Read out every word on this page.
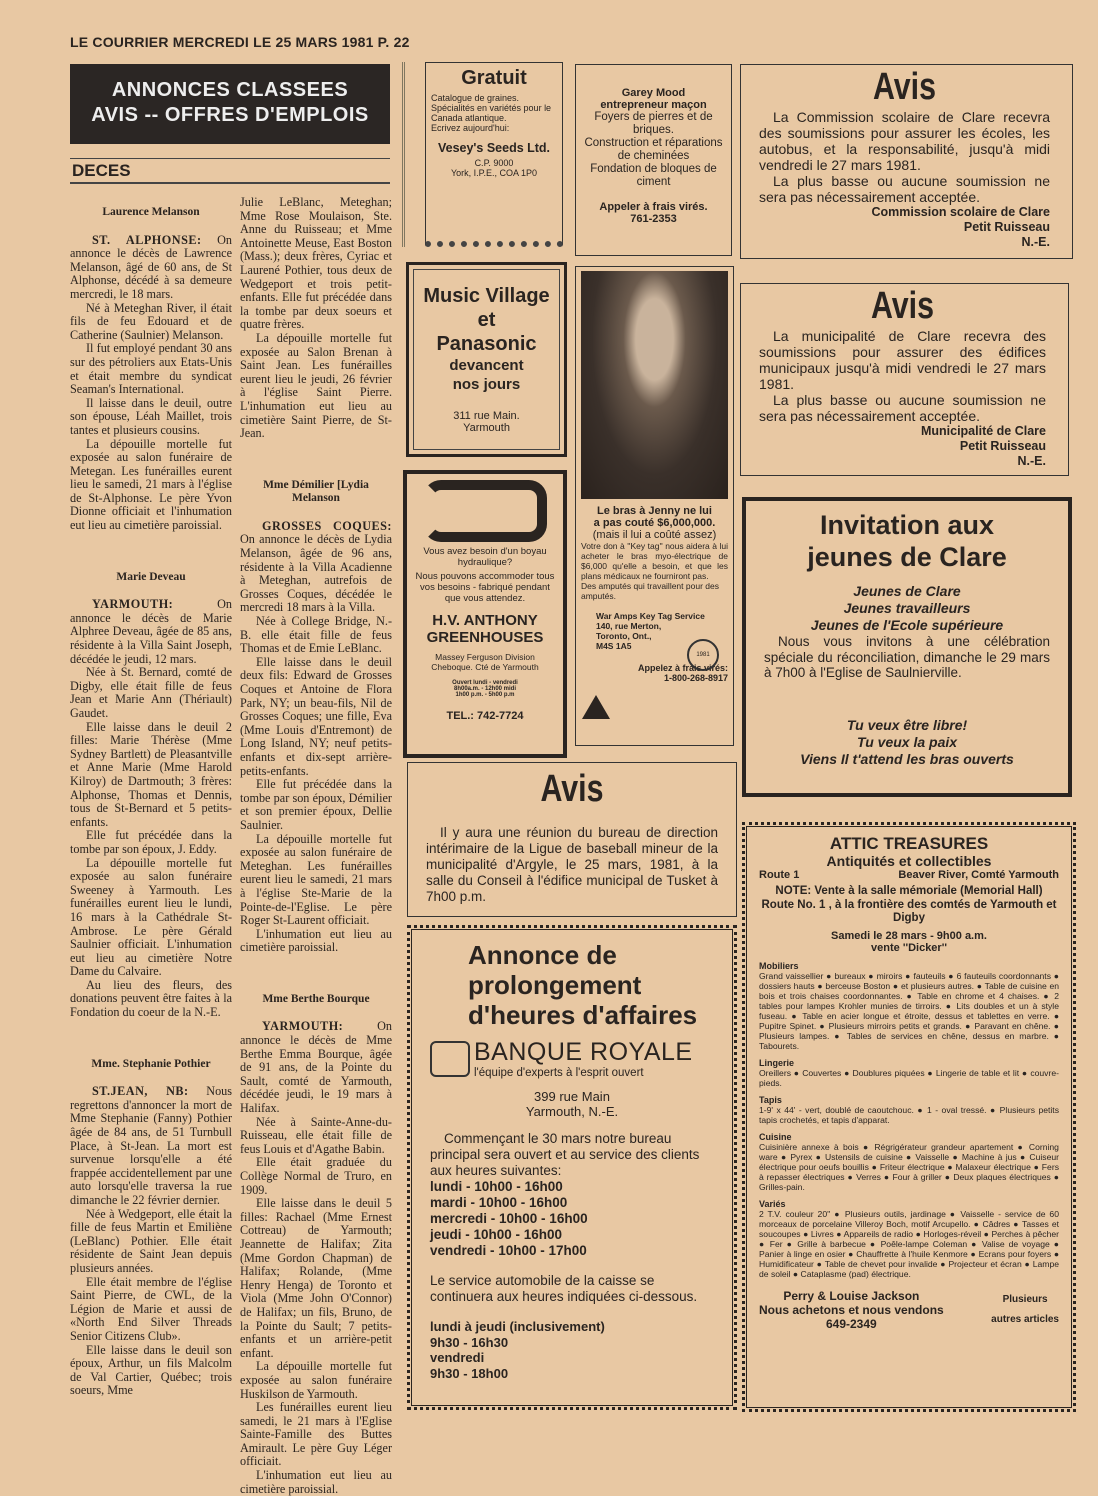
LE COURRIER MERCREDI LE 25 MARS 1981 P. 22
ANNONCES CLASSEES
AVIS -- OFFRES D'EMPLOIS
DECES
Laurence Melanson

ST. ALPHONSE: On annonce le décès de Lawrence Melanson, âgé de 60 ans, de St Alphonse, décédé à sa demeure mercredi, le 18 mars.

Né à Meteghan River, il était fils de feu Edouard et de Catherine (Saulnier) Melanson.

Il fut employé pendant 30 ans sur des pétroliers aux Etats-Unis et était membre du syndicat Seaman's International.

Il laisse dans le deuil, outre son épouse, Léah Maillet, trois tantes et plusieurs cousins.

La dépouille mortelle fut exposée au salon funéraire de Metegan. Les funérailles eurent lieu le samedi, 21 mars à l'église de St-Alphonse. Le père Yvon Dionne officiait et l'inhumation eut lieu au cimetière paroissial.

Marie Deveau

YARMOUTH:	On annonce le décès de Marie Alphree Deveau, âgée de 85 ans, résidente à la Villa Saint Joseph, décédée le jeudi, 12 mars.

Née à St. Bernard, comté de Digby, elle était fille de feus Jean et Marie Ann (Thériault) Gaudet.

Elle laisse dans le deuil 2 filles: Marie Thérèse (Mme Sydney Bartlett) de Pleasantville et Anne Marie (Mme Harold Kilroy) de Dartmouth; 3 frères: Alphonse, Thomas et Dennis, tous de St-Bernard et 5 petits-enfants.

Elle fut précédée dans la tombe par son époux, J. Eddy.

La dépouille mortelle fut exposée au salon funéraire Sweeney à Yarmouth. Les funérailles eurent lieu le lundi, 16 mars à la Cathédrale St-Ambrose. Le père Gérald Saulnier officiait. L'inhumation eut lieu au cimetière Notre Dame du Calvaire.

Au lieu des fleurs, des donations peuvent être faites à la Fondation du coeur de la N.-E.

Mme. Stephanie Pothier

ST.JEAN, NB: Nous regrettons d'annoncer la mort de Mme Stephanie (Fanny) Pothier âgée de 84 ans, de 51 Turnbull Place, à St-Jean. La mort est survenue lorsqu'elle a été frappée accidentellement par une auto lorsqu'elle traversa la rue dimanche le 22 février dernier.

Née à Wedgeport, elle était la fille de feus Martin et Emiliène (LeBlanc) Pothier. Elle était résidente de Saint Jean depuis plusieurs années.

Elle était membre de l'église Saint Pierre, de CWL, de la Légion de Marie et aussi de «North End Silver Threads Senior Citizens Club».

Elle laisse dans le deuil son époux, Arthur, un fils Malcolm de Val Cartier, Québec; trois soeurs, Mme

Julie LeBlanc, Meteghan; Mme Rose Moulaison, Ste. Anne du Ruisseau; et Mme Antoinette Meuse, East Boston (Mass.); deux frères, Cyriac et Laurené Pothier, tous deux de Wedgeport et trois petit-enfants. Elle fut précédée dans la tombe par deux soeurs et quatre frères.

La dépouille mortelle fut exposée au Salon Brenan à Saint Jean. Les funérailles eurent lieu le jeudi, 26 février à l'église Saint Pierre. L'inhumation eut lieu au cimetière Saint Pierre, de St-Jean.

Mme Démilier [Lydia Melanson

GROSSES COQUES: On annonce le décès de Lydia Melanson, âgée de 96 ans, résidente à la Villa Acadienne à Meteghan, autrefois de Grosses Coques, décédée le mercredi 18 mars à la Villa.

Née à College Bridge, N.-B. elle était fille de feus Thomas et de Emie LeBlanc.

Elle laisse dans le deuil deux fils: Edward de Grosses Coques et Antoine de Flora Park, NY; un beau-fils, Nil de Grosses Coques; une fille, Eva (Mme Louis d'Entremont) de Long Island, NY; neuf petits-enfants et dix-sept arrière-petits-enfants.

Elle fut précédée dans la tombe par son époux, Démilier et son premier époux, Dellie Saulnier.

La dépouille mortelle fut exposée au salon funéraire de Meteghan. Les funérailles eurent lieu le samedi, 21 mars à l'église Ste-Marie de la Pointe-de-l'Eglise. Le père Roger St-Laurent officiait.

L'inhumation eut lieu au cimetière paroissial.

Mme Berthe Bourque

YARMOUTH:	On annonce le décès de Mme Berthe Emma Bourque, âgée de 91 ans, de la Pointe du Sault, comté de Yarmouth, décédée jeudi, le 19 mars à Halifax.

Née à Sainte-Anne-du-Ruisseau, elle était fille de feus Louis et d'Agathe Babin.

Elle était graduée du Collège Normal de Truro, en 1909.

Elle laisse dans le deuil 5 filles: Rachael (Mme Ernest Cottreau) de Yarmouth; Jeannette de Halifax; Zita (Mme Gordon Chapman) de Halifax; Rolande, (Mme Henry Henga) de Toronto et Viola (Mme John O'Connor) de Halifax; un fils, Bruno, de la Pointe du Sault; 7 petits-enfants et un arrière-petit enfant.

La dépouille mortelle fut exposée au salon funéraire Huskilson de Yarmouth.

Les funérailles eurent lieu samedi, le 21 mars à l'Eglise Sainte-Famille des Buttes Amirault. Le père Guy Léger officiait.

L'inhumation eut lieu au cimetière paroissial.

Gratuit
Catalogue de graines.
Spécialités en variétés pour le Canada atlantique.
Ecrivez aujourd'hui:
Vesey's Seeds Ltd.
C.P. 9000
York, I.P.E., COA 1P0
Garey Mood
entrepreneur maçon
Foyers de pierres et de briques.
Construction et réparations de cheminées
Fondation de bloques de ciment
Appeler à frais virés.
761-2353
Music Village
et
Panasonic
devancent
nos jours
311 rue Main.
Yarmouth
Le bras à Jenny ne lui
a pas couté $6,000,000.
(mais il lui a coûté assez)
Votre don à ''Key tag'' nous aidera à lui acheter le bras myo-électrique de $6,000 qu'elle a besoin, et que les plans médicaux ne fourniront pas.
Des amputés qui travaillent pour des amputés.
War Amps Key Tag Service
140, rue Merton,
Toronto, Ont.,
M4S 1A5
1981
Appelez à frais virés:
1-800-268-8917
Vous avez besoin d'un boyau hydraulique?
Nous pouvons accommoder tous vos besoins - fabriqué pendant que vous attendez.
H.V. ANTHONY
GREENHOUSES
Massey Ferguson Division
Cheboque. Cté de Yarmouth
Ouvert lundi - vendredi
8h00a.m. - 12h00 midi
1h00 p.m. - 5h00 p.m
TEL.: 742-7724
Avis
Il y aura une réunion du bureau de direction intérimaire de la Ligue de baseball mineur de la municipalité d'Argyle, le 25 mars, 1981, à la salle du Conseil à l'édifice municipal de Tusket à 7h00 p.m.
Annonce de
prolongement
d'heures d'affaires
BANQUE ROYALE
l'équipe d'experts à l'esprit ouvert
399 rue Main
Yarmouth, N.-E.
Commençant le 30 mars notre bureau principal sera ouvert et au service des clients aux heures suivantes:
lundi - 10h00 - 16h00
mardi - 10h00 - 16h00
mercredi - 10h00 - 16h00
jeudi - 10h00 - 16h00
vendredi - 10h00 - 17h00
Le service automobile de la caisse se continuera aux heures indiquées ci-dessous.
lundi à jeudi (inclusivement)
9h30 - 16h30
vendredi
9h30 - 18h00
Avis
La Commission scolaire de Clare recevra des soumissions pour assurer les écoles, les autobus, et la responsabilité, jusqu'à midi vendredi le 27 mars 1981.
La plus basse ou aucune soumission ne sera pas nécessairement acceptée.
Commission scolaire de Clare
Petit Ruisseau
N.-E.
Avis
La municipalité de Clare recevra des soumissions pour assurer des édifices municipaux jusqu'à midi vendredi le 27 mars 1981.
La plus basse ou aucune soumission ne sera pas nécessairement acceptée.
Municipalité de Clare
Petit Ruisseau
N.-E.
Invitation aux jeunes de Clare
Jeunes de Clare
Jeunes travailleurs
Jeunes de l'Ecole supérieure
Nous vous invitons à une célébration spéciale du réconciliation, dimanche le 29 mars à 7h00 à l'Eglise de Saulnierville.
Tu veux être libre!
Tu veux la paix
Viens Il t'attend les bras ouverts
ATTIC TREASURES
Antiquités et collectibles
Route 1	Beaver River, Comté Yarmouth
NOTE: Vente à la salle mémoriale (Memorial Hall) Route No. 1 , à la frontière des comtés de Yarmouth et Digby
Samedi le 28 mars - 9h00 a.m.
vente ''Dicker''
Mobiliers
Grand vaissellier ● bureaux ● miroirs ● fauteuils ● 6 fauteuils coordonnants ● dossiers hauts ● berceuse Boston ● et plusieurs autres. ● Table de cuisine en bois et trois chaises coordonnantes. ● Table en chrome et 4 chaises. ● 2 tables pour lampes Krohler munies de tirroirs. ● Lits doubles et un à style fuseau. ● Table en acier longue et étroite, dessus et tablettes en verre. ● Pupitre Spinet. ● Plusieurs mirroirs petits et grands. ● Paravant en chêne. ● Plusieurs lampes. ● Tables de services en chêne, dessus en marbre. ● Tabourets.
Lingerie
Oreillers ● Couvertes ● Doublures piquées ● Lingerie de table et lit ● couvre-pieds.
Tapis
1-9' x 44' - vert, doublé de caoutchouc. ● 1 - oval tressé. ● Plusieurs petits tapis crochetés, et tapis d'apparat.
Cuisine
Cuisinière annexe à bois ● Régrigérateur grandeur apartement ● Corning ware ● Pyrex ● Ustensils de cuisine ● Vaisselle ● Machine à jus ● Cuiseur électrique pour oeufs bouillis ● Friteur électrique ● Malaxeur électrique ● Fers à repasser électriques ● Verres ● Four à griller ● Deux plaques électriques ● Grilles-pain.
Variés
2 T.V. couleur 20'' ● Plusieurs outils, jardinage ● Vaisselle - service de 60 morceaux de porcelaine Villeroy Boch, motif Arcupello. ● Câdres ● Tasses et soucoupes ● Livres ● Appareils de radio ● Horloges-réveil ● Perches à pêcher ● Fer ● Grille à barbecue ● Poêle-lampe Coleman ● Valise de voyage ● Panier à linge en osier ● Chauffrette à l'huile Kenmore ● Ecrans pour foyers ● Humidificateur ● Table de chevet pour invalide ● Projecteur et écran ● Lampe de soleil ● Cataplasme (pad) électrique.
Perry & Louise Jackson
Nous achetons et nous vendons
649-2349
Plusieurs
autres articles
